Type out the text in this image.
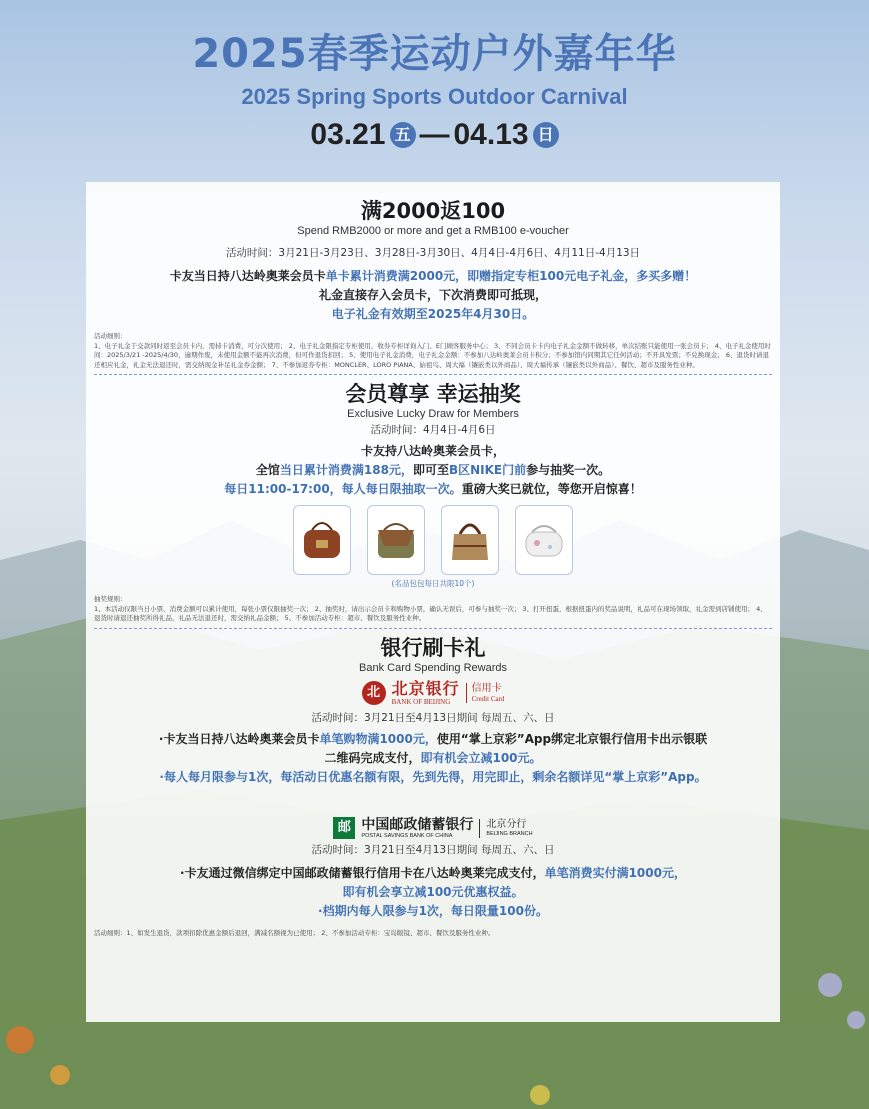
2025春季运动户外嘉年华
2025 Spring Sports Outdoor Carnival
03.21 五 — 04.13 日
满2000返100
Spend RMB2000 or more and get a RMB100 e-voucher
活动时间：3月21日-3月23日、3月28日-3月30日、4月4日-4月6日、4月11日-4月13日
卡友当日持八达岭奥莱会员卡单卡累计消费满2000元，即赠指定专柜100元电子礼金，多买多赠！
礼金直接存入会员卡，下次消费即可抵现，
电子礼金有效期至2025年4月30日。
活动细则：
1、电子礼金于交款同时返至会员卡内，需持卡消费，可分次使用； 2、电子礼金限指定专柜使用，收券专柜详询入门、E门顾客服务中心； 3、不同会员卡卡内电子礼金金额不做转移，单次结账只能使用一张会员卡； 4、电子礼金使用时间：2025/3/21 -2025/4/30，逾期作废，未使用金额不能再次消费，但可作退货扣回； 5、使用电子礼金消费，电子礼金金额：不参加八达岭奥莱会员卡积分；不参加馆内同期其它任何活动；不开具发票；不兑换现金； 6、退货时请退还相应礼金，礼金无法退还时，需交纳现金补足礼金券金额； 7、不参加返券专柜：MONCLER、LORO PIANA、始祖鸟、周大福（镶嵌类以外商品）、周大福传承（镶嵌类以外商品）、餐饮、超市及服务性业种。
会员尊享 幸运抽奖
Exclusive Lucky Draw for Members
活动时间：4月4日-4月6日
卡友持八达岭奥莱会员卡，
全馆当日累计消费满188元，即可至B区NIKE门前参与抽奖一次。
每日11:00-17:00，每人每日限抽取一次。重磅大奖已就位，等您开启惊喜！
(名品包包每日共限10个)
抽奖规则：
1、本活动仅限当日小票，消费金额可以累计使用，每张小票仅限抽奖一次； 2、抽奖时，请出示会员卡和购物小票，确认无误后，可参与抽奖一次； 3、打开扭蛋，根据扭蛋内的奖品说明，礼品可在现场领取，礼金需到店铺使用； 4、退货时请退还抽奖所得礼品，礼品无法退还时，需交纳礼品金额； 5、不参加活动专柜：超市、餐饮及服务性业种。
银行刷卡礼
Bank Card Spending Rewards
北 北京银行
BANK OF BEIJING
信用卡
Credit Card
活动时间：3月21日至4月13日期间 每周五、六、日
·卡友当日持八达岭奥莱会员卡单笔购物满1000元，使用“掌上京彩”App绑定北京银行信用卡出示银联
二维码完成支付，即有机会立减100元。
·每人每月限参与1次，每活动日优惠名额有限，先到先得，用完即止，剩余名额详见“掌上京彩”App。
邮 中国邮政储蓄银行
POSTAL SAVINGS BANK OF CHINA
北京分行
BEIJING BRANCH
活动时间：3月21日至4月13日期间 每周五、六、日
·卡友通过微信绑定中国邮政储蓄银行信用卡在八达岭奥莱完成支付，单笔消费实付满1000元，
即有机会享立减100元优惠权益。
·档期内每人限参与1次，每日限量100份。
活动细则：1、如发生退货，款项扣除优惠金额后退回，满减名额视为已使用； 2、不参加活动专柜：宝岛眼镜、超市、餐饮及服务性业种。
